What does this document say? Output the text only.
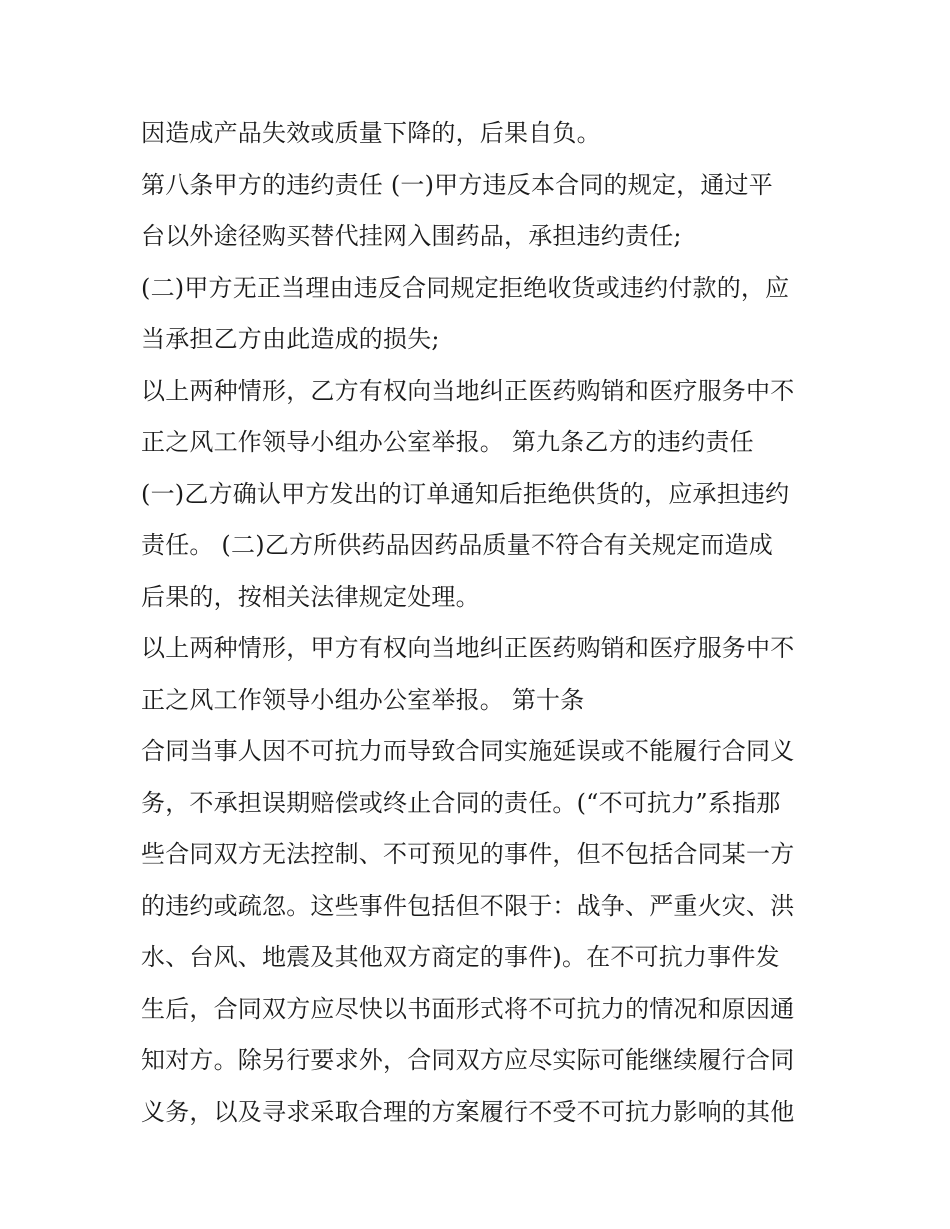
因造成产品失效或质量下降的，后果自负。
第八条甲方的违约责任 (一)甲方违反本合同的规定，通过平
台以外途径购买替代挂网入围药品，承担违约责任;
(二)甲方无正当理由违反合同规定拒绝收货或违约付款的，应
当承担乙方由此造成的损失;
以上两种情形，乙方有权向当地纠正医药购销和医疗服务中不
正之风工作领导小组办公室举报。 第九条乙方的违约责任
(一)乙方确认甲方发出的订单通知后拒绝供货的，应承担违约
责任。 (二)乙方所供药品因药品质量不符合有关规定而造成
后果的，按相关法律规定处理。
以上两种情形，甲方有权向当地纠正医药购销和医疗服务中不
正之风工作领导小组办公室举报。 第十条
合同当事人因不可抗力而导致合同实施延误或不能履行合同义
务，不承担误期赔偿或终止合同的责任。(“不可抗力”系指那
些合同双方无法控制、不可预见的事件，但不包括合同某一方
的违约或疏忽。这些事件包括但不限于：战争、严重火灾、洪
水、台风、地震及其他双方商定的事件)。在不可抗力事件发
生后，合同双方应尽快以书面形式将不可抗力的情况和原因通
知对方。除另行要求外，合同双方应尽实际可能继续履行合同
义务，以及寻求采取合理的方案履行不受不可抗力影响的其他
